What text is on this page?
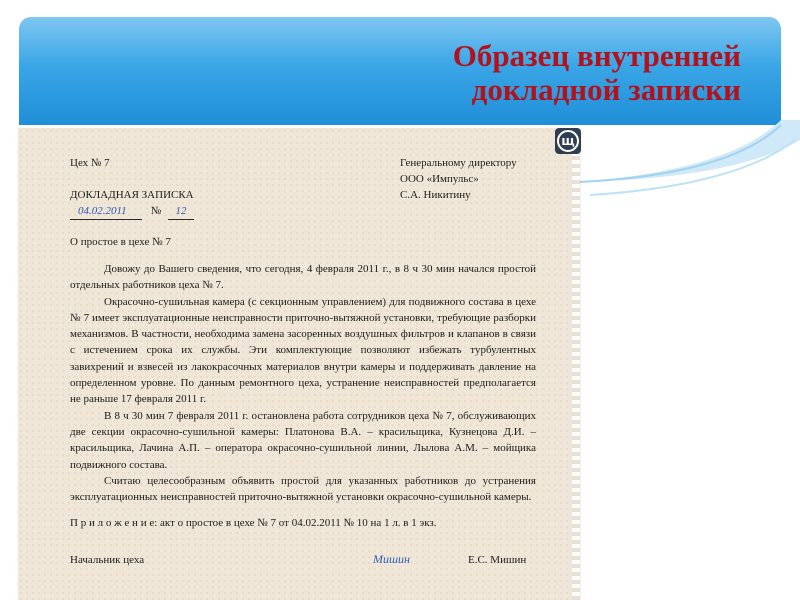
Образец внутренней
докладной записки
щ
Цех № 7	Генеральному директору
ООО «Импульс»
С.А. Никитину
ДОКЛАДНАЯ ЗАПИСКА
04.02.2011 № 12
О простое в цехе № 7

Довожу до Вашего сведения, что сегодня, 4 февраля 2011 г., в 8 ч 30 мин начался простой отдельных работников цеха № 7.

Окрасочно-сушильная камера (с секционным управлением) для подвижного состава в цехе № 7 имеет эксплуатационные неисправности приточно-вытяжной установки, требующие разборки механизмов. В частности, необходима замена засоренных воздушных фильтров и клапанов в связи с истечением срока их службы. Эти комплектующие позволяют избежать турбулентных завихрений и взвесей из лакокрасочных материалов внутри камеры и поддерживать давление на определенном уровне. По данным ремонтного цеха, устранение неисправностей предполагается не раньше 17 февраля 2011 г.

В 8 ч 30 мин 7 февраля 2011 г. остановлена работа сотрудников цеха № 7, обслуживающих две секции окрасочно-сушильной камеры: Платонова В.А. – красильщика, Кузнецова Д.И. – красильщика, Лачина А.П. – оператора окрасочно-сушильной линии, Лылова А.М. – мойщика подвижного состава.

Считаю целесообразным объявить простой для указанных работников до устранения эксплуатационных неисправностей приточно-вытяжной установки окрасочно-сушильной камеры.

П р и л о ж е н и е: акт о простое в цехе № 7 от 04.02.2011 № 10 на 1 л. в 1 экз.
Начальник цеха	Мишин	Е.С. Мишин
